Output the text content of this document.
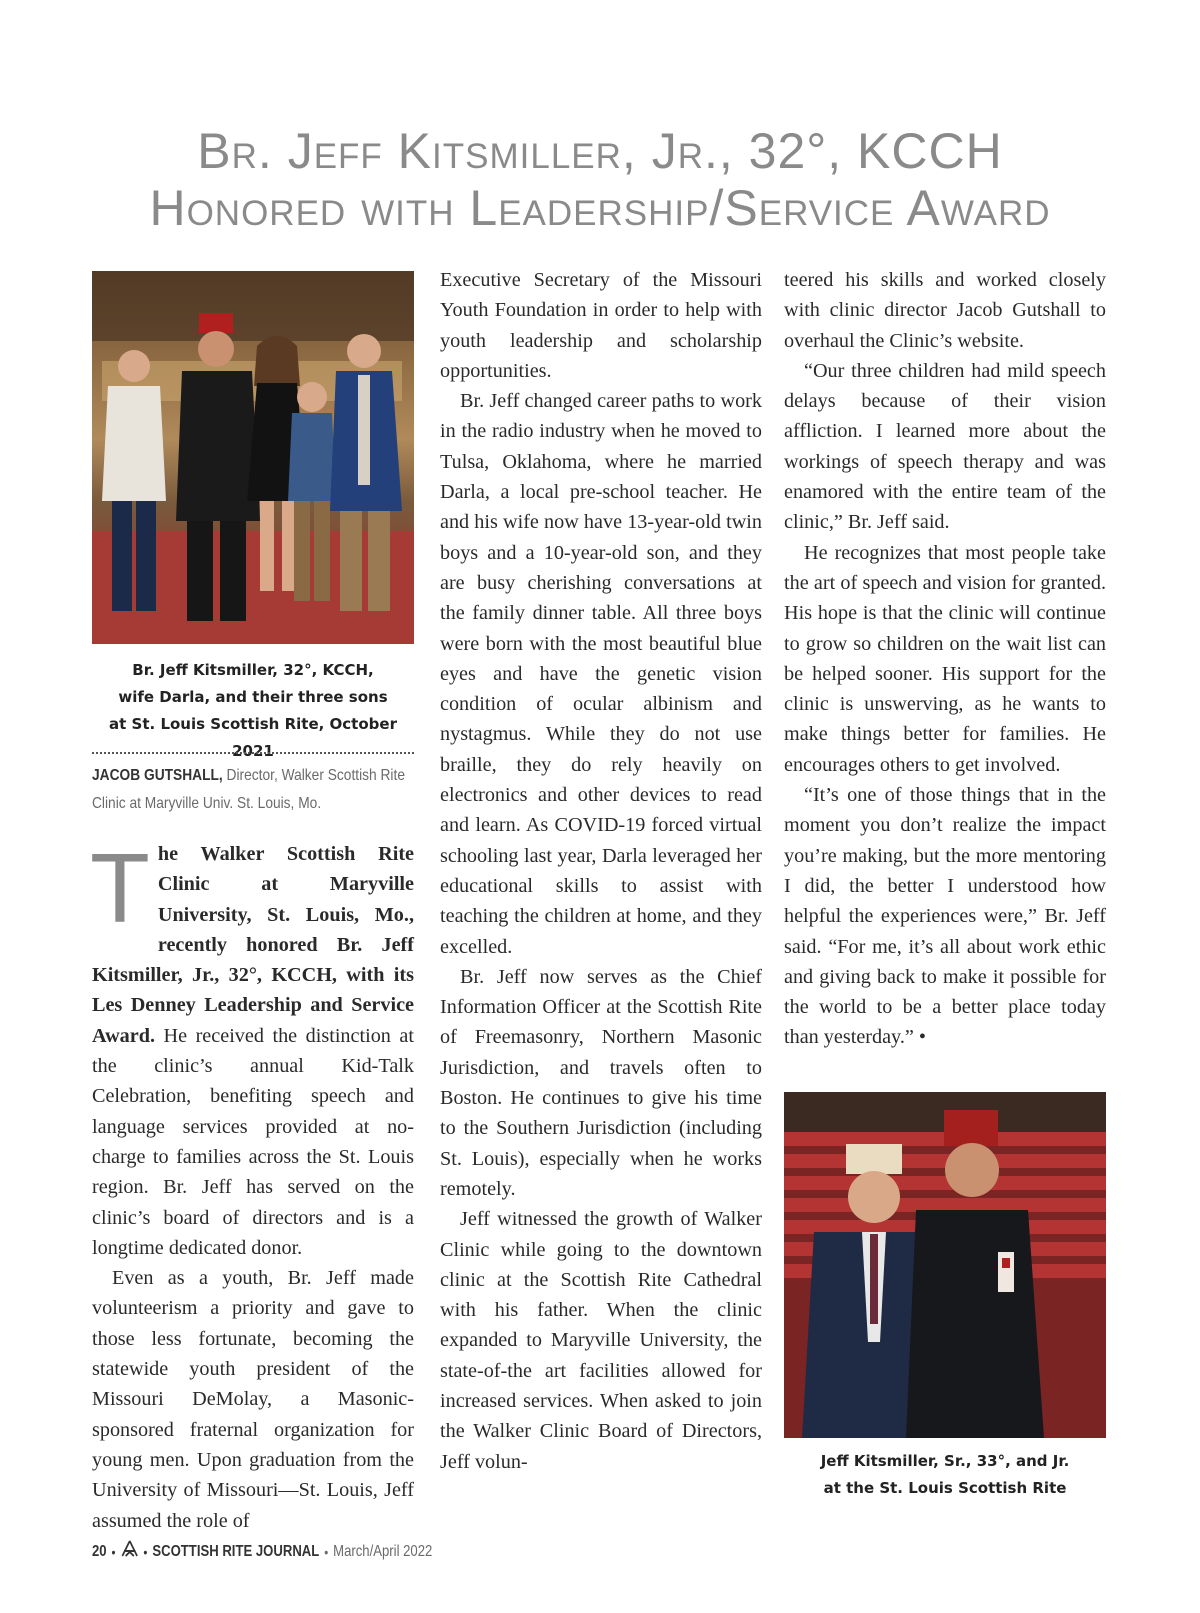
Br. Jeff Kitsmiller, Jr., 32°, KCCH
Honored with Leadership/Service Award
Br. Jeff Kitsmiller, 32°, KCCH,
wife Darla, and their three sons
at St. Louis Scottish Rite, October 2021
JACOB GUTSHALL, Director, Walker Scottish Rite Clinic at Maryville Univ. St. Louis, Mo.

The Walker Scottish Rite Clinic at Maryville University, St. Louis, Mo., recently honored Br. Jeff Kitsmiller, Jr., 32°, KCCH, with its Les Denney Leadership and Service Award. He received the distinction at the clinic’s annual Kid-Talk Celebration, benefiting speech and language services provided at no-charge to families across the St. Louis region. Br. Jeff has served on the clinic’s board of directors and is a longtime dedicated donor.

Even as a youth, Br. Jeff made volunteerism a priority and gave to those less fortunate, becoming the statewide youth president of the Missouri DeMolay, a Masonic-sponsored fraternal organization for young men. Upon graduation from the University of Missouri—St. Louis, Jeff assumed the role of

Executive Secretary of the Missouri Youth Foundation in order to help with youth leadership and scholarship opportunities.

Br. Jeff changed career paths to work in the radio industry when he moved to Tulsa, Oklahoma, where he married Darla, a local pre-school teacher. He and his wife now have 13-year-old twin boys and a 10-year-old son, and they are busy cherishing conversations at the family dinner table. All three boys were born with the most beautiful blue eyes and have the genetic vision condition of ocular albinism and nystagmus. While they do not use braille, they do rely heavily on electronics and other devices to read and learn. As COVID-19 forced virtual schooling last year, Darla leveraged her educational skills to assist with teaching the children at home, and they excelled.

Br. Jeff now serves as the Chief Information Officer at the Scottish Rite of Freemasonry, Northern Masonic Jurisdiction, and travels often to Boston. He continues to give his time to the Southern Jurisdiction (including St. Louis), especially when he works remotely.

Jeff witnessed the growth of Walker Clinic while going to the downtown clinic at the Scottish Rite Cathedral with his father. When the clinic expanded to Maryville University, the state-of-the art facilities allowed for increased services. When asked to join the Walker Clinic Board of Directors, Jeff volun-

teered his skills and worked closely with clinic director Jacob Gutshall to overhaul the Clinic’s website.

“Our three children had mild speech delays because of their vision affliction. I learned more about the workings of speech therapy and was enamored with the entire team of the clinic,” Br. Jeff said.

He recognizes that most people take the art of speech and vision for granted. His hope is that the clinic will continue to grow so children on the wait list can be helped sooner. His support for the clinic is unswerving, as he wants to make things better for families. He encourages others to get involved.

“It’s one of those things that in the moment you don’t realize the impact you’re making, but the more mentoring I did, the better I understood how helpful the experiences were,” Br. Jeff said. “For me, it’s all about work ethic and giving back to make it possible for the world to be a better place today than yesterday.” •

Jeff Kitsmiller, Sr., 33°, and Jr.
at the St. Louis Scottish Rite
20 • • SCOTTISH RITE JOURNAL • March/April 2022
